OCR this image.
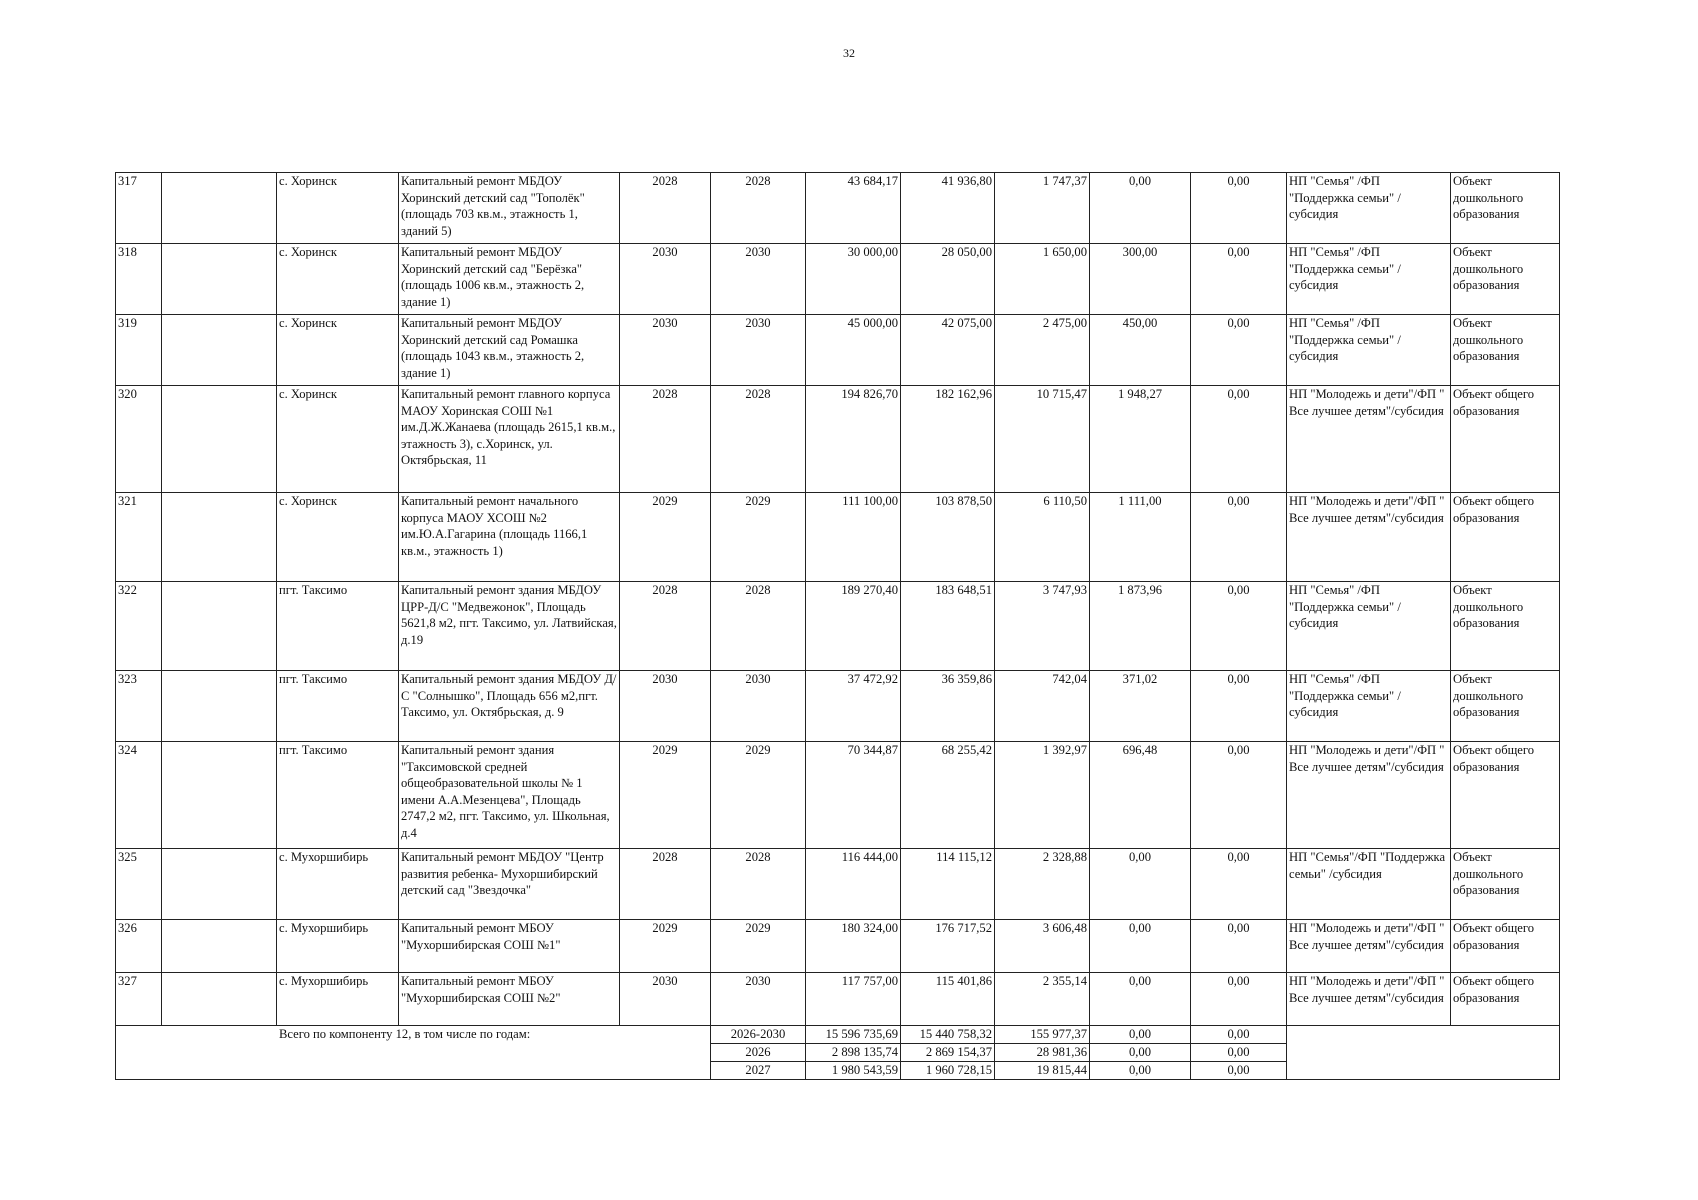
32
317		с. Хоринск	Капитальный ремонт МБДОУ Хоринский детский сад "Тополёк" (площадь 703 кв.м., этажность 1, зданий 5)	2028	2028	43 684,17	41 936,80	1 747,37	0,00	0,00	НП "Семья" /ФП "Поддержка семьи" /субсидия	Объект дошкольного образования
318		с. Хоринск	Капитальный ремонт МБДОУ Хоринский детский сад "Берёзка" (площадь 1006 кв.м., этажность 2, здание 1)	2030	2030	30 000,00	28 050,00	1 650,00	300,00	0,00	НП "Семья" /ФП "Поддержка семьи" /субсидия	Объект дошкольного образования
319		с. Хоринск	Капитальный ремонт МБДОУ Хоринский детский сад Ромашка (площадь 1043 кв.м., этажность 2, здание 1)	2030	2030	45 000,00	42 075,00	2 475,00	450,00	0,00	НП "Семья" /ФП "Поддержка семьи" /субсидия	Объект дошкольного образования
320		с. Хоринск	Капитальный ремонт главного корпуса МАОУ Хоринская СОШ №1 им.Д.Ж.Жанаева (площадь 2615,1 кв.м., этажность 3), с.Хоринск, ул. Октябрьская, 11	2028	2028	194 826,70	182 162,96	10 715,47	1 948,27	0,00	НП "Молодежь и дети"/ФП " Все лучшее детям"/субсидия	Объект общего образования
321		с. Хоринск	Капитальный ремонт начального корпуса МАОУ ХСОШ №2 им.Ю.А.Гагарина (площадь 1166,1 кв.м., этажность 1)	2029	2029	111 100,00	103 878,50	6 110,50	1 111,00	0,00	НП "Молодежь и дети"/ФП " Все лучшее детям"/субсидия	Объект общего образования
322		пгт. Таксимо	Капитальный ремонт здания МБДОУ ЦРР-Д/С "Медвежонок", Площадь 5621,8 м2, пгт. Таксимо, ул. Латвийская, д.19	2028	2028	189 270,40	183 648,51	3 747,93	1 873,96	0,00	НП "Семья" /ФП "Поддержка семьи" /субсидия	Объект дошкольного образования
323		пгт. Таксимо	Капитальный ремонт здания МБДОУ Д/С "Солнышко", Площадь 656 м2,пгт. Таксимо, ул. Октябрьская, д. 9	2030	2030	37 472,92	36 359,86	742,04	371,02	0,00	НП "Семья" /ФП "Поддержка семьи" /субсидия	Объект дошкольного образования
324		пгт. Таксимо	Капитальный ремонт здания "Таксимовской средней общеобразовательной школы № 1 имени А.А.Мезенцева", Площадь 2747,2 м2, пгт. Таксимо, ул. Школьная, д.4	2029	2029	70 344,87	68 255,42	1 392,97	696,48	0,00	НП "Молодежь и дети"/ФП " Все лучшее детям"/субсидия	Объект общего образования
325		с. Мухоршибирь	Капитальный ремонт МБДОУ "Центр развития ребенка- Мухоршибирский детский сад "Звездочка"	2028	2028	116 444,00	114 115,12	2 328,88	0,00	0,00	НП "Семья"/ФП "Поддержка семьи" /субсидия	Объект дошкольного образования
326		с. Мухоршибирь	Капитальный ремонт МБОУ "Мухоршибирская СОШ №1"	2029	2029	180 324,00	176 717,52	3 606,48	0,00	0,00	НП "Молодежь и дети"/ФП " Все лучшее детям"/субсидия	Объект общего образования
327		с. Мухоршибирь	Капитальный ремонт МБОУ "Мухоршибирская СОШ №2"	2030	2030	117 757,00	115 401,86	2 355,14	0,00	0,00	НП "Молодежь и дети"/ФП " Все лучшее детям"/субсидия	Объект общего образования
Всего по компоненту 12, в том числе по годам:					2026-2030	15 596 735,69	15 440 758,32	155 977,37	0,00	0,00		
					2026	2 898 135,74	2 869 154,37	28 981,36	0,00	0,00		
					2027	1 980 543,59	1 960 728,15	19 815,44	0,00	0,00		
